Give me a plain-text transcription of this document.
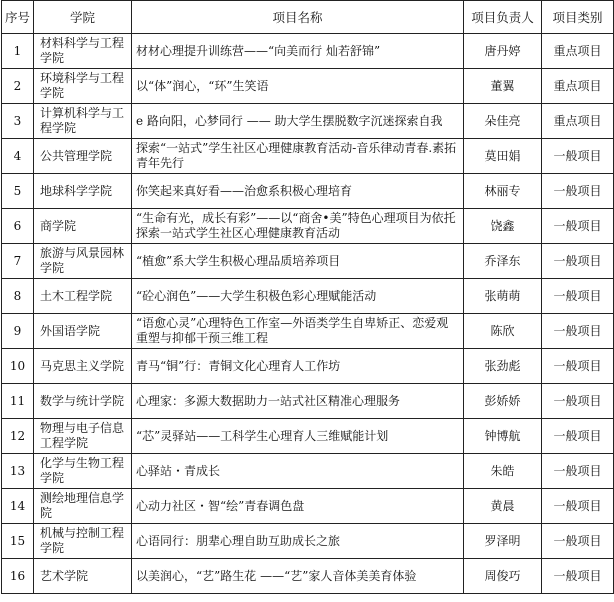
序号	学院	项目名称	项目负责人	项目类别
1	材料科学与工程学院	材材心理提升训练营——“向美而行 灿若舒锦”	唐丹婷	重点项目
2	环境科学与工程学院	以“体”润心，“环”生笑语	董翼	重点项目
3	计算机科学与工程学院	e 路向阳，心梦同行 —— 助大学生摆脱数字沉迷探索自我	朵佳亮	重点项目
4	公共管理学院	探索“一站式”学生社区心理健康教育活动-音乐律动青春.素拓青年先行	莫田娟	一般项目
5	地球科学学院	你笑起来真好看——治愈系积极心理培育	林丽专	一般项目
6	商学院	“生命有光，成长有彩”——以“商舍•美”特色心理项目为依托探索一站式学生社区心理健康教育活动	饶鑫	一般项目
7	旅游与风景园林学院	“植愈”系大学生积极心理品质培养项目	乔泽东	一般项目
8	土木工程学院	“砼心润色”——大学生积极色彩心理赋能活动	张萌萌	一般项目
9	外国语学院	“语愈心灵”心理特色工作室—外语类学生自卑矫正、恋爱观重塑与抑郁干预三维工程	陈欣	一般项目
10	马克思主义学院	青马“铜”行：青铜文化心理育人工作坊	张劲彪	一般项目
11	数学与统计学院	心理家：多源大数据助力一站式社区精准心理服务	彭娇娇	一般项目
12	物理与电子信息工程学院	“芯”灵驿站——工科学生心理育人三维赋能计划	钟博航	一般项目
13	化学与生物工程学院	心驿站・青成长	朱皓	一般项目
14	测绘地理信息学院	心动力社区・智“绘”青春调色盘	黄晨	一般项目
15	机械与控制工程学院	心语同行：朋辈心理自助互助成长之旅	罗泽明	一般项目
16	艺术学院	以美润心，“艺”路生花 ——“艺”家人音体美美育体验	周俊巧	一般项目
